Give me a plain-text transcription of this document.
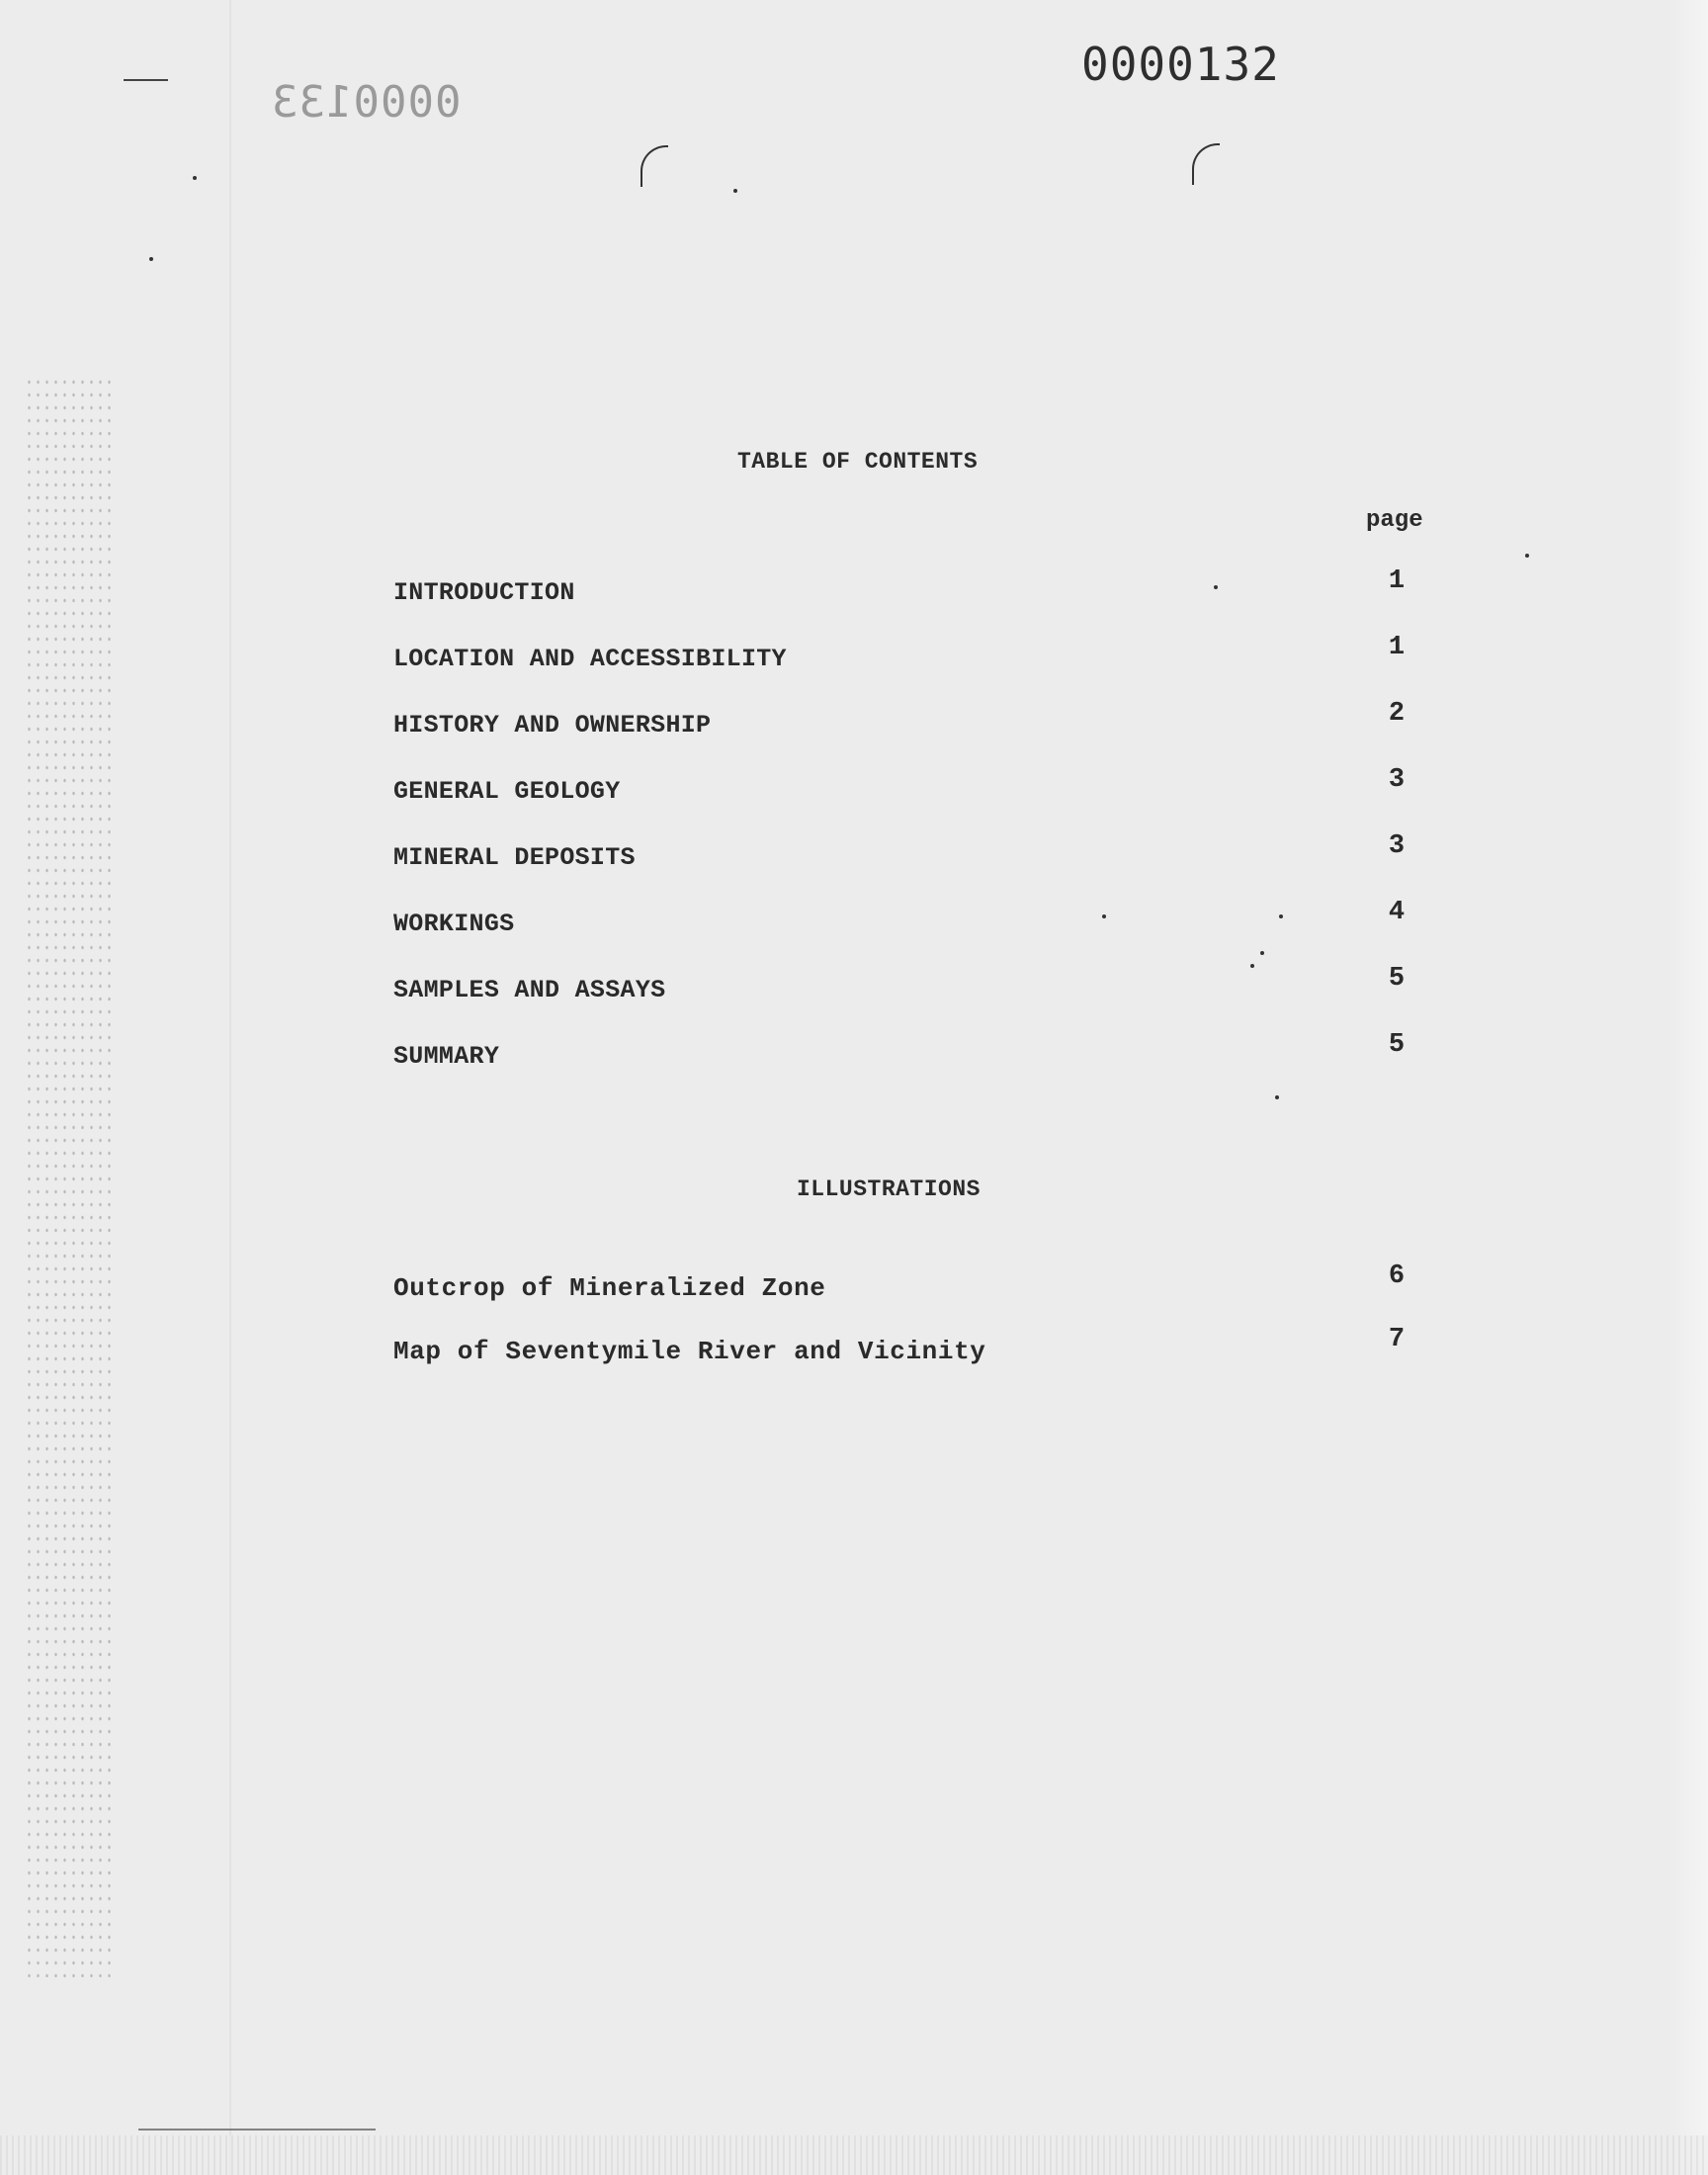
0000132
0000133
TABLE OF CONTENTS
page
INTRODUCTION	1
LOCATION AND ACCESSIBILITY	1
HISTORY AND OWNERSHIP	2
GENERAL GEOLOGY	3
MINERAL DEPOSITS	3
WORKINGS	4
SAMPLES AND ASSAYS	5
SUMMARY	5
ILLUSTRATIONS
Outcrop of Mineralized Zone	6
Map of Seventymile River and Vicinity	7
